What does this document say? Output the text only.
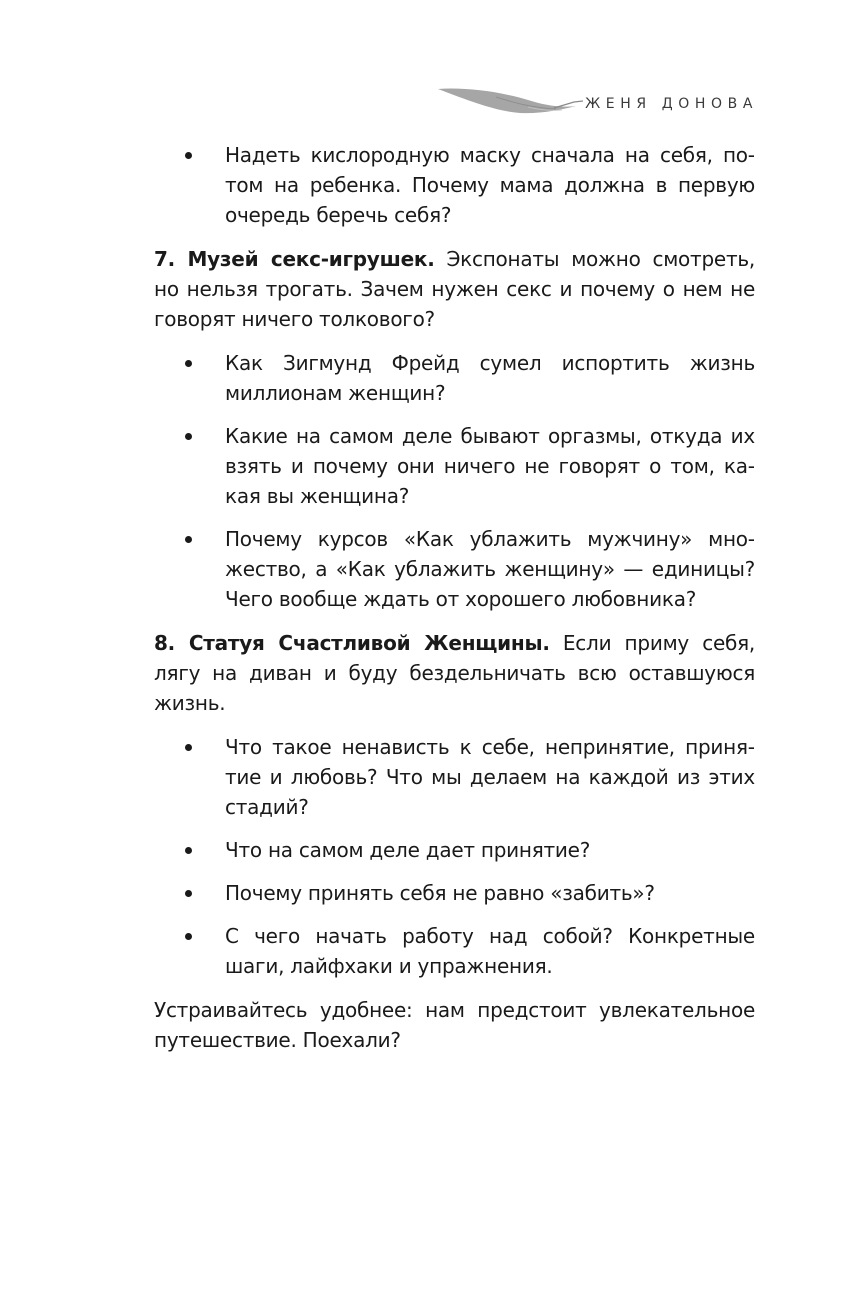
ЖЕНЯ ДОНОВА
Надеть кислородную маску сначала на себя, потом на ребенка. Почему мама должна в первую очередь беречь себя?

7. Музей секс-игрушек. Экспонаты можно смотреть, но нельзя трогать. Зачем нужен секс и почему о нем не говорят ничего толкового?

Как Зигмунд Фрейд сумел испортить жизнь миллионам женщин?
Какие на самом деле бывают оргазмы, откуда их взять и почему они ничего не говорят о том, какая вы женщина?
Почему курсов «Как ублажить мужчину» множество, а «Как ублажить женщину» — единицы? Чего вообще ждать от хорошего любовника?

8. Статуя Счастливой Женщины. Если приму себя, лягу на диван и буду бездельничать всю оставшуюся жизнь.

Что такое ненависть к себе, непринятие, принятие и любовь? Что мы делаем на каждой из этих стадий?
Что на самом деле дает принятие?
Почему принять себя не равно «забить»?
С чего начать работу над собой? Конкретные шаги, лайфхаки и упражнения.

Устраивайтесь удобнее: нам предстоит увлекательное путешествие. Поехали?
